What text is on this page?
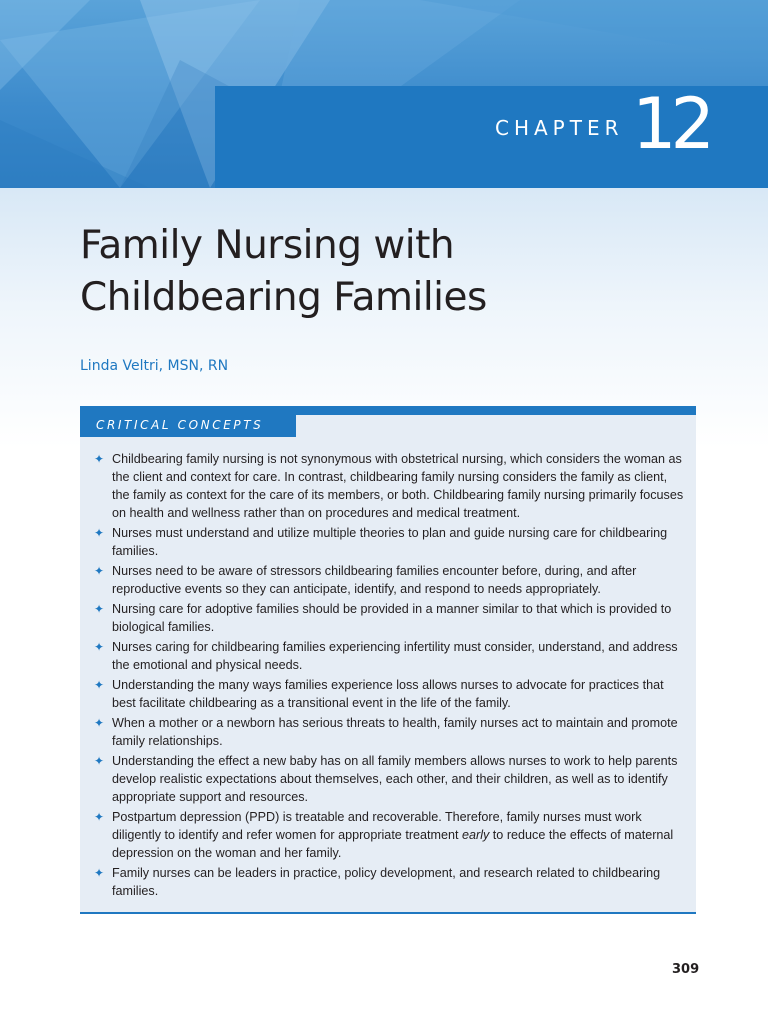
CHAPTER 12
Family Nursing with
Childbearing Families
Linda Veltri, MSN, RN
CRITICAL CONCEPTS
✦ Childbearing family nursing is not synonymous with obstetrical nursing, which considers the woman as the client and context for care. In contrast, childbearing family nursing considers the family as client, the family as context for the care of its members, or both. Childbearing family nursing primarily focuses on health and wellness rather than on procedures and medical treatment.
✦ Nurses must understand and utilize multiple theories to plan and guide nursing care for childbearing families.
✦ Nurses need to be aware of stressors childbearing families encounter before, during, and after reproductive events so they can anticipate, identify, and respond to needs appropriately.
✦ Nursing care for adoptive families should be provided in a manner similar to that which is provided to biological families.
✦ Nurses caring for childbearing families experiencing infertility must consider, understand, and address the emotional and physical needs.
✦ Understanding the many ways families experience loss allows nurses to advocate for practices that best facilitate childbearing as a transitional event in the life of the family.
✦ When a mother or a newborn has serious threats to health, family nurses act to maintain and promote family relationships.
✦ Understanding the effect a new baby has on all family members allows nurses to work to help parents develop realistic expectations about themselves, each other, and their children, as well as to identify appropriate support and resources.
✦ Postpartum depression (PPD) is treatable and recoverable. Therefore, family nurses must work diligently to identify and refer women for appropriate treatment early to reduce the effects of maternal depression on the woman and her family.
✦ Family nurses can be leaders in practice, policy development, and research related to childbearing families.
309
